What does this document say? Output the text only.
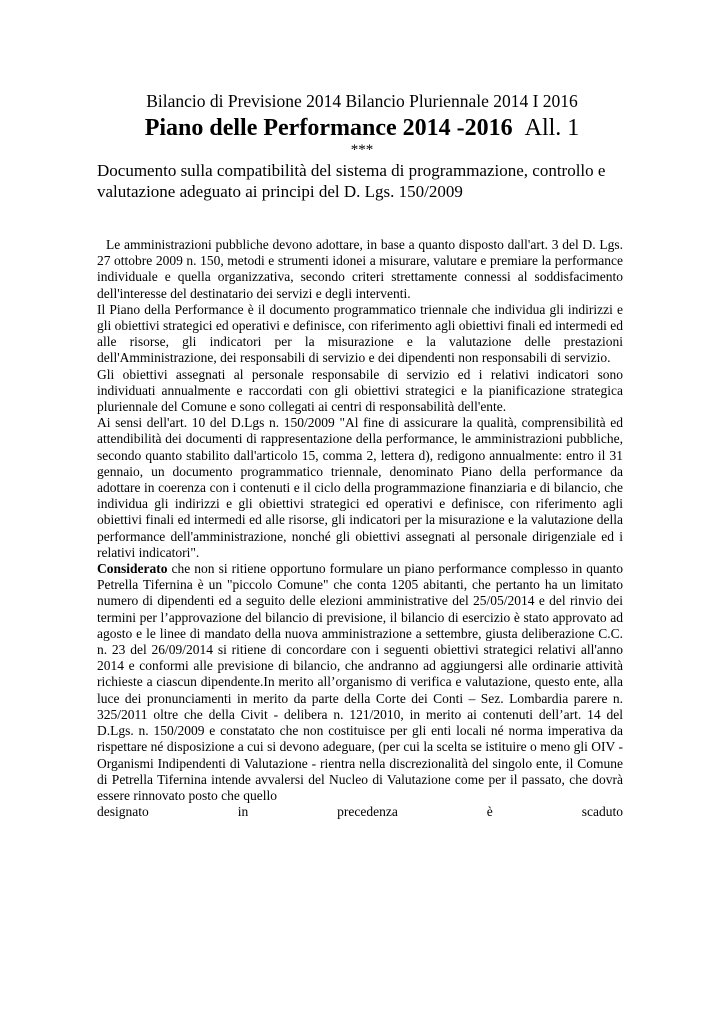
Bilancio di Previsione 2014 Bilancio Pluriennale 2014 I 2016
Piano delle Performance 2014 -2016 All. 1
***
Documento sulla compatibilità del sistema di programmazione, controllo e valutazione adeguato ai principi del D. Lgs. 150/2009

Le amministrazioni pubbliche devono adottare, in base a quanto disposto dall'art. 3 del D. Lgs. 27 ottobre 2009 n. 150, metodi e strumenti idonei a misurare, valutare e premiare la performance individuale e quella organizzativa, secondo criteri strettamente connessi al soddisfacimento dell'interesse del destinatario dei servizi e degli interventi.

Il Piano della Performance è il documento programmatico triennale che individua gli indirizzi e gli obiettivi strategici ed operativi e definisce, con riferimento agli obiettivi finali ed intermedi ed alle risorse, gli indicatori per la misurazione e la valutazione delle prestazioni dell'Amministrazione, dei responsabili di servizio e dei dipendenti non responsabili di servizio.

Gli obiettivi assegnati al personale responsabile di servizio ed i relativi indicatori sono individuati annualmente e raccordati con gli obiettivi strategici e la pianificazione strategica pluriennale del Comune e sono collegati ai centri di responsabilità dell'ente.

Ai sensi dell'art. 10 del D.Lgs n. 150/2009 "Al fine di assicurare la qualità, comprensibilità ed attendibilità dei documenti di rappresentazione della performance, le amministrazioni pubbliche, secondo quanto stabilito dall'articolo 15, comma 2, lettera d), redigono annualmente: entro il 31 gennaio, un documento programmatico triennale, denominato Piano della performance da adottare in coerenza con i contenuti e il ciclo della programmazione finanziaria e di bilancio, che individua gli indirizzi e gli obiettivi strategici ed operativi e definisce, con riferimento agli obiettivi finali ed intermedi ed alle risorse, gli indicatori per la misurazione e la valutazione della performance dell'amministrazione, nonché gli obiettivi assegnati al personale dirigenziale ed i relativi indicatori".

Considerato che non si ritiene opportuno formulare un piano performance complesso in quanto Petrella Tifernina è un "piccolo Comune" che conta 1205 abitanti, che pertanto ha un limitato numero di dipendenti ed a seguito delle elezioni amministrative del 25/05/2014 e del rinvio dei termini per l’approvazione del bilancio di previsione, il bilancio di esercizio è stato approvato ad agosto e le linee di mandato della nuova amministrazione a settembre, giusta deliberazione C.C. n. 23 del 26/09/2014 si ritiene di concordare con i seguenti obiettivi strategici relativi all'anno 2014 e conformi alle previsione di bilancio, che andranno ad aggiungersi alle ordinarie attività richieste a ciascun dipendente.In merito all’organismo di verifica e valutazione, questo ente, alla luce dei pronunciamenti in merito da parte della Corte dei Conti – Sez. Lombardia parere n. 325/2011 oltre che della Civit - delibera n. 121/2010, in merito ai contenuti dell’art. 14 del D.Lgs. n. 150/2009 e constatato che non costituisce per gli enti locali né norma imperativa da rispettare né disposizione a cui si devono adeguare, (per cui la scelta se istituire o meno gli OIV -Organismi Indipendenti di Valutazione - rientra nella discrezionalità del singolo ente, il Comune di Petrella Tifernina intende avvalersi del Nucleo di Valutazione come per il passato, che dovrà essere rinnovato posto che quello

designato	in	precedenza	è	scaduto
